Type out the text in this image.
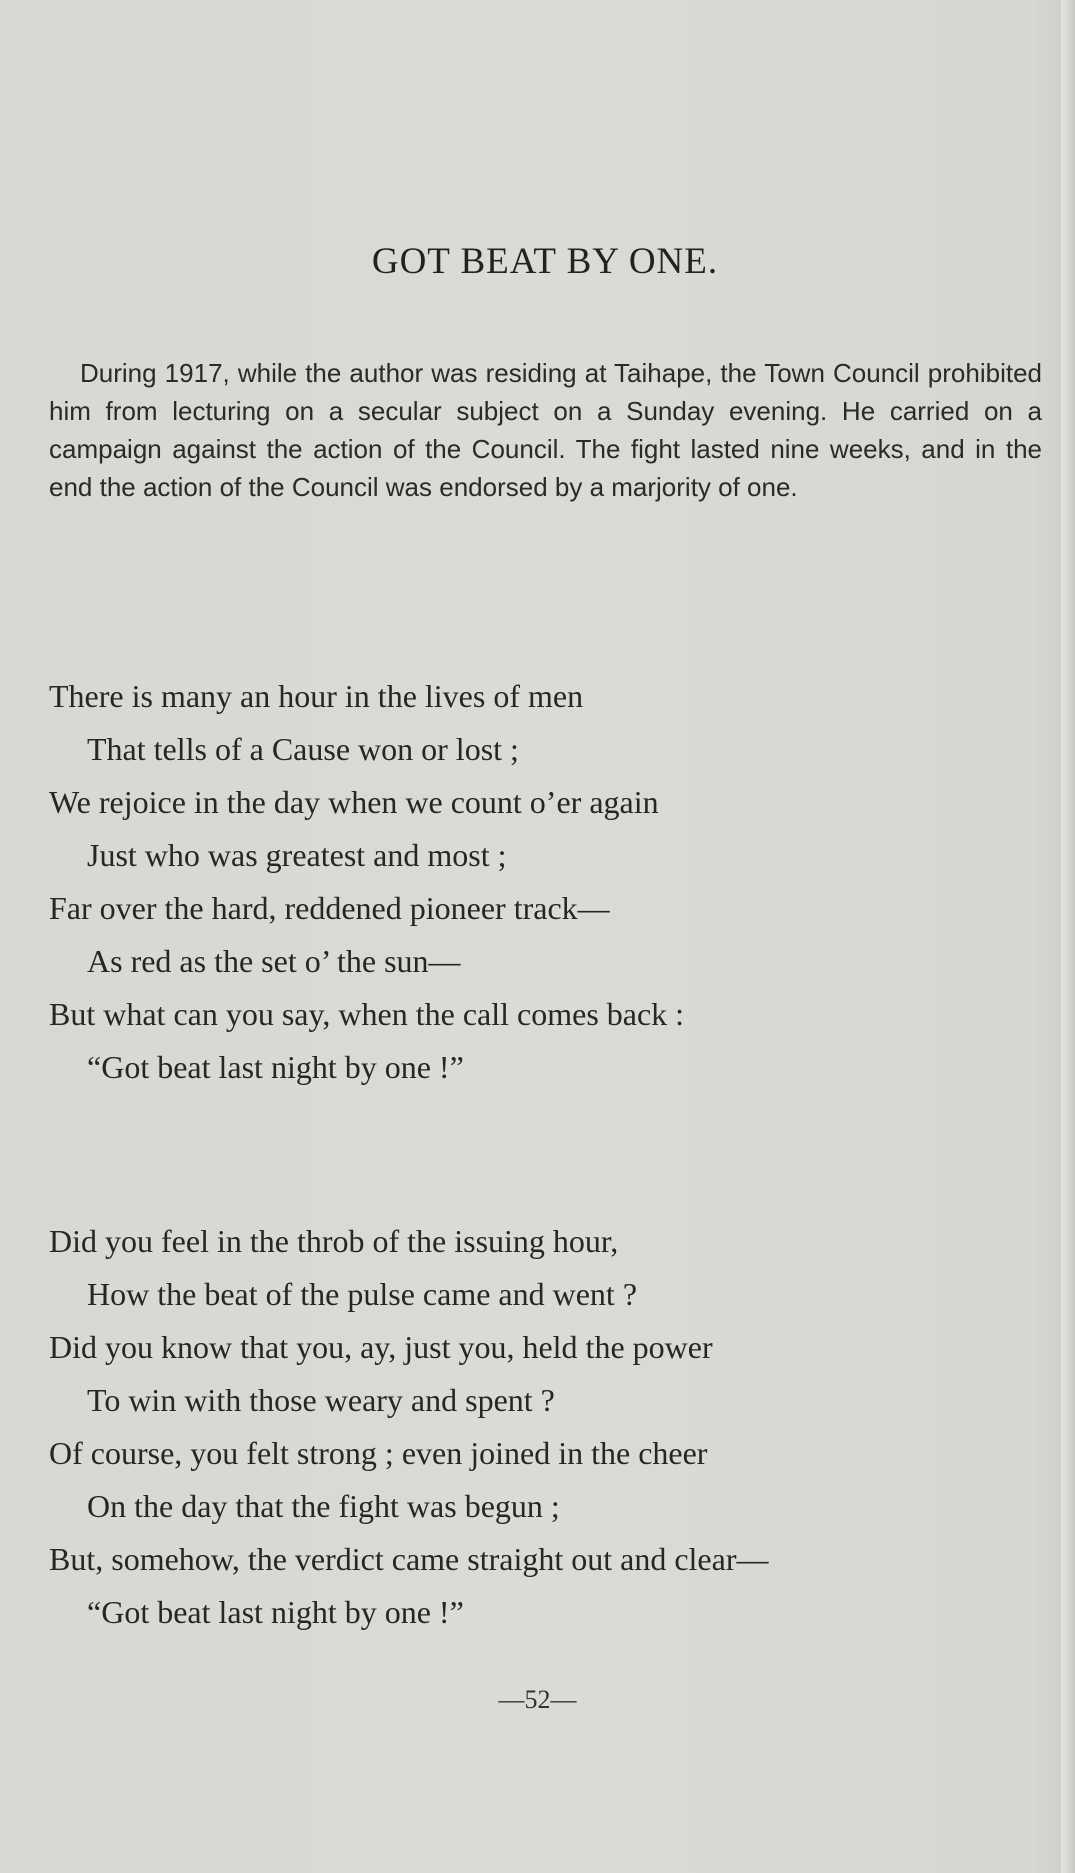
GOT BEAT BY ONE.

During 1917, while the author was residing at Taihape, the Town Council prohibited him from lecturing on a secular subject on a Sunday evening. He carried on a campaign against the action of the Council. The fight lasted nine weeks, and in the end the action of the Council was endorsed by a marjority of one.

There is many an hour in the lives of men
That tells of a Cause won or lost ;
We rejoice in the day when we count o’er again
Just who was greatest and most ;
Far over the hard, reddened pioneer track—
As red as the set o’ the sun—
But what can you say, when the call comes back :
“Got beat last night by one !”
Did you feel in the throb of the issuing hour,
How the beat of the pulse came and went ?
Did you know that you, ay, just you, held the power
To win with those weary and spent ?
Of course, you felt strong ; even joined in the cheer
On the day that the fight was begun ;
But, somehow, the verdict came straight out and clear—
“Got beat last night by one !”
—52—
